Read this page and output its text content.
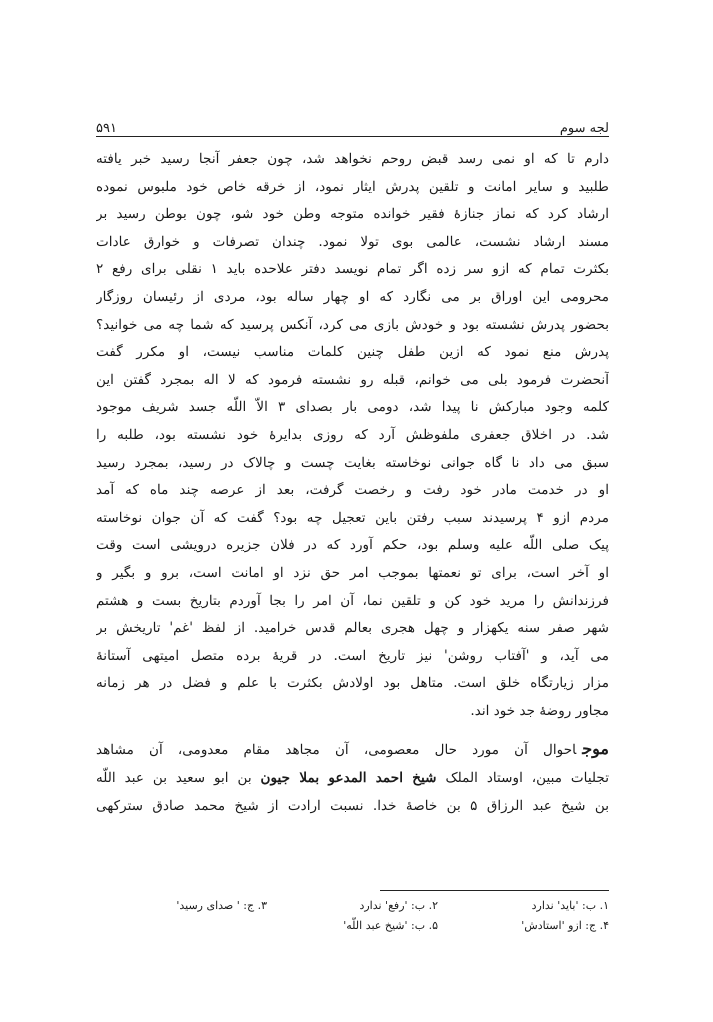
۵۹۱	لجه سوم
دارم تا که او نمی رسد قبض روحم نخواهد شد، چون جعفر آنجا رسید خبر یافته
طلبید و سایر امانت و تلقین پدرش ایثار نمود، از خرقه خاص خود ملبوس نموده
ارشاد کرد که نماز جنازهٔ فقیر خوانده متوجه وطن خود شو، چون بوطن رسید بر
مسند ارشاد نشست، عالمی بوی تولا نمود. چندان تصرفات و خوارق عادات
بکثرت تمام که ازو سر زده اگر تمام نویسد دفتر علاحده باید ۱ نقلی برای رفع ۲
محرومی این اوراق بر می نگارد که او چهار ساله بود، مردی از رئیسان روزگار
بحضور پدرش نشسته بود و خودش بازی می کرد، آنکس پرسید که شما چه می خوانید؟
پدرش منع نمود که ازین طفل چنین کلمات مناسب نیست، او مکرر گفت
آنحضرت فرمود بلی می خوانم، قبله رو نشسته فرمود که لا اله بمجرد گفتن این
کلمه وجود مبارکش نا پیدا شد، دومی بار بصدای ۳ الاّ اللّه جسد شریف موجود
شد. در اخلاق جعفری ملفوظش آرد که روزی بدایرهٔ خود نشسته بود، طلبه را
سبق می داد نا گاه جوانی نوخاسته بغایت چست و چالاک در رسید، بمجرد رسید
او در خدمت مادر خود رفت و رخصت گرفت، بعد از عرصه چند ماه که آمد
مردم ازو ۴ پرسیدند سبب رفتن باین تعجیل چه بود؟ گفت که آن جوان نوخاسته
پیک صلی اللّه علیه وسلم بود، حکم آورد که در فلان جزیره درویشی است وقت
او آخر است، برای تو نعمتها بموجب امر حق نزد او امانت است، برو و بگیر و
فرزندانش را مرید خود کن و تلقین نما، آن امر را بجا آوردم بتاریخ بست و هشتم
شهر صفر سنه یکهزار و چهل هجری بعالم قدس خرامید. از لفظ 'غم' تاریخش بر
می آید، و 'آفتاب روشن' نیز تاریخ است. در قریهٔ برده متصل امیتهی آستانهٔ
مزار زیارتگاه خلق است. متاهل بود اولادش بکثرت با علم و فضل در هر زمانه
مجاور روضهٔ جد خود اند.
موجاحوال آن مورد حال معصومی، آن مجاهد مقام معدومی، آن مشاهد
تجلیات مبین، اوستاد الملک شیخ احمد المدعو بملا جیون بن ابو سعید بن عبد اللّه
بن شیخ عبد الرزاق ۵ بن خاصهٔ خدا. نسبت ارادت از شیخ محمد صادق سترکهی
۱. ب: 'باید' ندارد
۲. ب: 'رفع' ندارد
۳. ج: ' صدای رسید'
۴. ج: ازو 'استادش'
۵. ب: 'شیخ عبد اللّه'
